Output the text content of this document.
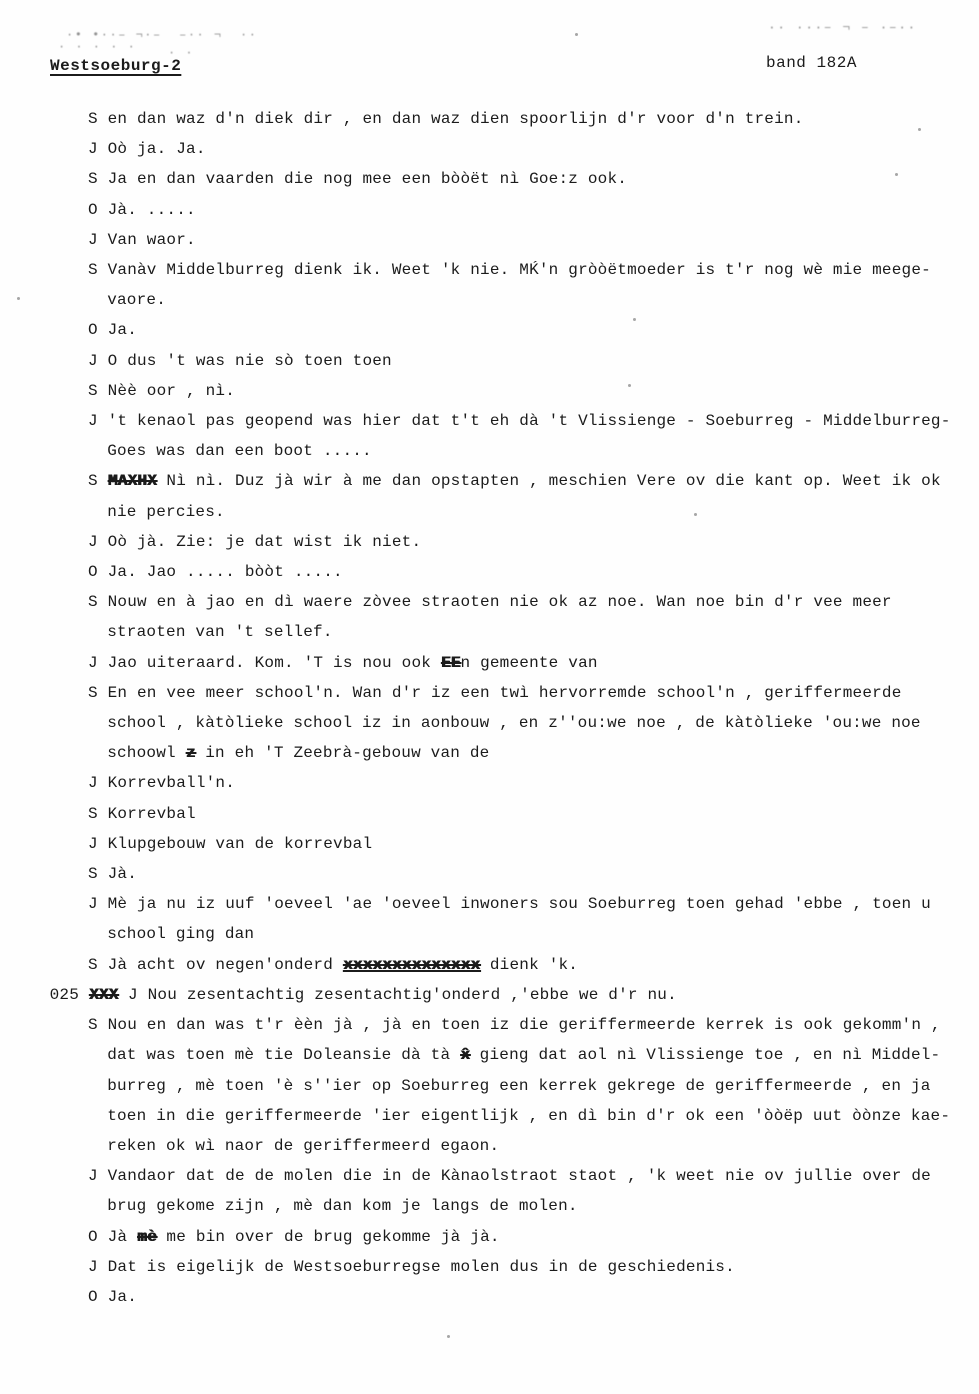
·• •··– ¬·–  –·· ¬  ··
· ·
· · · · ·
·· ···– ¬ – ·–··
Westsoeburg-2	band 182A
S en dan waz d'n diek dir , en dan waz dien spoorlijn d'r voor d'n trein.
J Oò ja. Ja.
S Ja en dan vaarden die nog mee een bòòët nì Goe:z ook.
O Jà. .....
J Van waor.
S Vanàv Middelburreg dienk ik. Weet 'k nie. MḰ'n gròòëtmoeder is t'r nog wè mie meege-
vaore.
O Ja.
J O dus 't was nie sò toen toen
S Nèè oor , nì.
J 't kenaol pas geopend was hier dat t't eh dà 't Vlissienge - Soeburreg - Middelburreg-
Goes was dan een boot .....
S MAXHX Nì nì. Duz jà wir à me dan opstapten , meschien Vere ov die kant op. Weet ik ok
nie percies.
J Oò jà. Zie: je dat wist ik niet.
O Ja. Jao ..... bòòt .....
S Nouw en à jao en dì waere zòvee straoten nie ok az noe. Wan noe bin d'r vee meer
straoten van 't sellef.
J Jao uiteraard. Kom. 'T is nou ook EEn gemeente van
S En en vee meer school'n. Wan d'r iz een twì hervorremde school'n , geriffermeerde
school , kàtòlieke school iz in aonbouw , en z''ou:we noe , de kàtòlieke 'ou:we noe
schoowl z in eh 'T Zeebrà-gebouw van de
J Korrevball'n.
S Korrevbal
J Klupgebouw van de korrevbal
S Jà.
J Mè ja nu iz uuf 'oeveel 'ae 'oeveel inwoners sou Soeburreg toen gehad 'ebbe , toen u
school ging dan
S Jà acht ov negen'onderd xxxxxxxxxxxxxx dienk 'k.
025 XXX J Nou zesentachtig zesentachtig'onderd ,'ebbe we d'r nu.
S Nou en dan was t'r èèn jà , jà en toen iz die geriffermeerde kerrek is ook gekomm'n ,
dat was toen mè tie Doleansie dà tà x̂ gieng dat aol nì Vlissienge toe , en nì Middel-
burreg , mè toen 'è s''ier op Soeburreg een kerrek gekrege de geriffermeerde , en ja
toen in die geriffermeerde 'ier eigentlijk , en dì bin d'r ok een 'òòëp uut òònze kae-
reken ok wì naor de geriffermeerd egaon.
J Vandaor dat de de molen die in de Kànaolstraot staot , 'k weet nie ov jullie over de
brug gekome zijn , mè dan kom je langs de molen.
O Jà mè me bin over de brug gekomme jà jà.
J Dat is eigelijk de Westsoeburregse molen dus in de geschiedenis.
O Ja.
